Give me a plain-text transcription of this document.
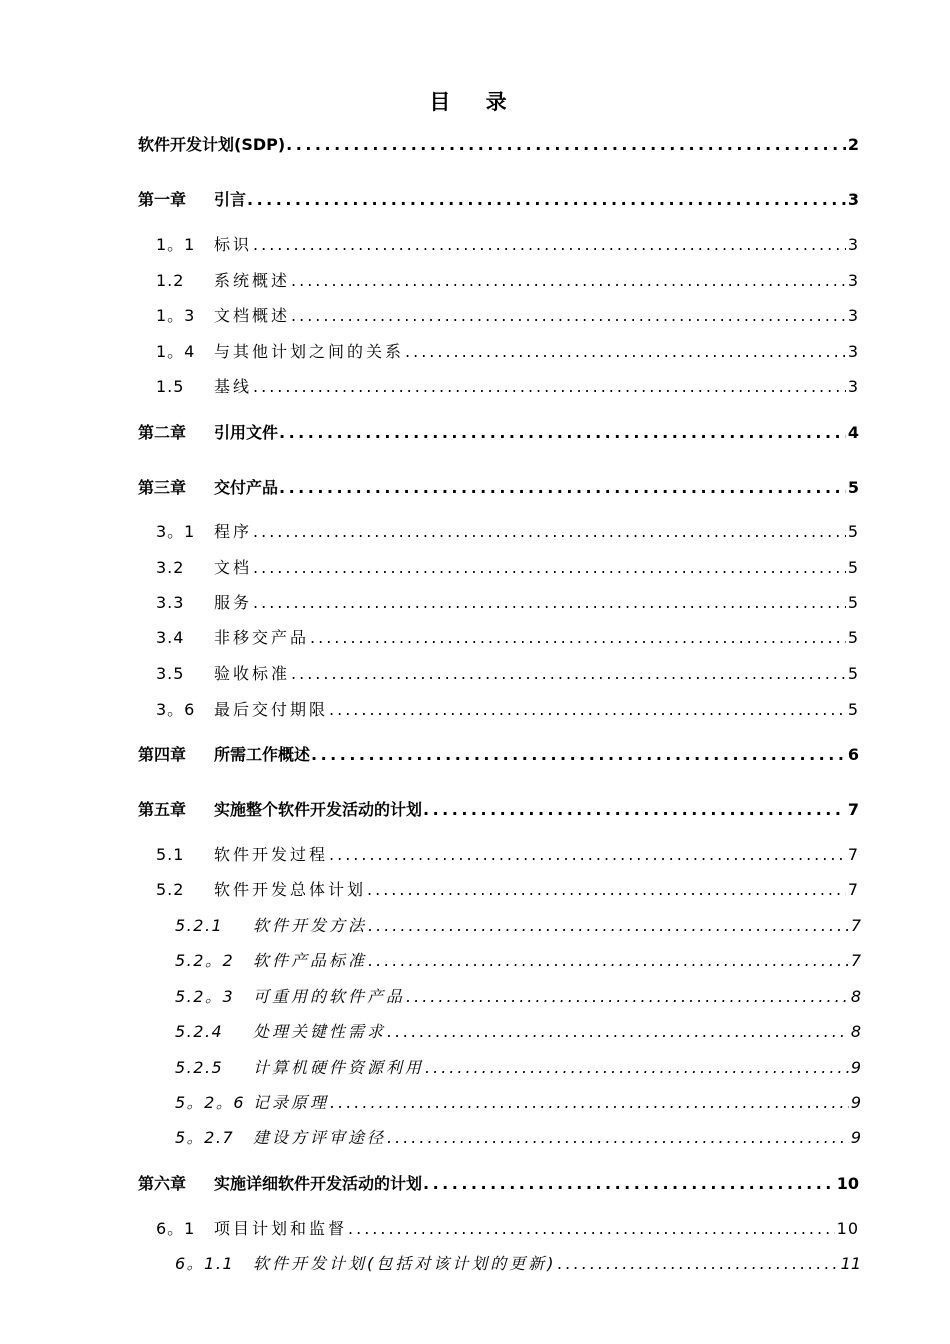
目 录
软件开发计划(SDP) .....	2
第一章 引言 .....	3
1。1 标识 .....	3
1.2 系统概述 .....	3
1。3 文档概述 .....	3
1。4 与其他计划之间的关系 .....	3
1.5 基线 .....	3
第二章 引用文件 .....	4
第三章 交付产品 .....	5
3。1 程序 .....	5
3.2 文档 .....	5
3.3 服务 .....	5
3.4 非移交产品 .....	5
3.5 验收标准 .....	5
3。6 最后交付期限 .....	5
第四章 所需工作概述 .....	6
第五章 实施整个软件开发活动的计划 .....	7
5.1 软件开发过程 .....	7
5.2 软件开发总体计划 .....	7
5.2.1 软件开发方法 .....	7
5.2。2 软件产品标准 .....	7
5.2。3 可重用的软件产品 .....	8
5.2.4 处理关键性需求 .....	8
5.2.5 计算机硬件资源利用 .....	9
5。2。6 记录原理 .....	9
5。2.7 建设方评审途径 .....	9
第六章 实施详细软件开发活动的计划 .....	10
6。1 项目计划和监督 .....	10
6。1.1 软件开发计划(包括对该计划的更新) .....	11
